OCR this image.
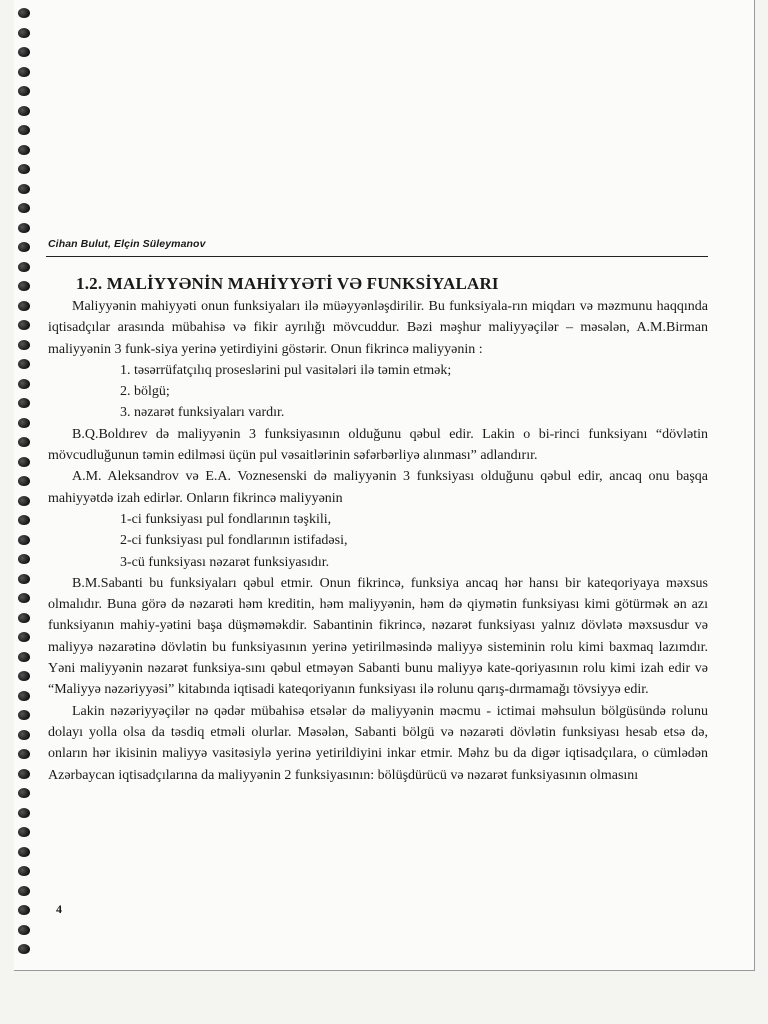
Cihan Bulut, Elçin Süleymanov
1.2. MALİYYƏNİN MAHİYYƏTİ VƏ FUNKSİYALARI

Maliyyənin mahiyyəti onun funksiyaları ilə müəyyənləşdirilir. Bu funksiyala-rın miqdarı və məzmunu haqqında iqtisadçılar arasında mübahisə və fikir ayrılığı mövcuddur. Bəzi məşhur maliyyəçilər – məsələn, A.M.Birman maliyyənin 3 funk-siya yerinə yetirdiyini göstərir. Onun fikrincə maliyyənin :

1. təsərrüfatçılıq proseslərini pul vasitələri ilə təmin etmək;

2. bölgü;

3. nəzarət funksiyaları vardır.

B.Q.Boldırev də maliyyənin 3 funksiyasının olduğunu qəbul edir. Lakin o bi-rinci funksiyanı “dövlətin mövcudluğunun təmin edilməsi üçün pul vəsaitlərinin səfərbərliyə alınması” adlandırır.

A.M. Aleksandrov və E.A. Voznesenski də maliyyənin 3 funksiyası olduğunu qəbul edir, ancaq onu başqa mahiyyətdə izah edirlər. Onların fikrincə maliyyənin

1-ci funksiyası pul fondlarının təşkili,

2-ci funksiyası pul fondlarının istifadəsi,

3-cü funksiyası nəzarət funksiyasıdır.

B.M.Sabanti bu funksiyaları qəbul etmir. Onun fikrincə, funksiya ancaq hər hansı bir kateqoriyaya məxsus olmalıdır. Buna görə də nəzarəti həm kreditin, həm maliyyənin, həm də qiymətin funksiyası kimi götürmək ən azı funksiyanın mahiy-yətini başa düşməməkdir. Sabantinin fikrincə, nəzarət funksiyası yalnız dövlətə məxsusdur və maliyyə nəzarətinə dövlətin bu funksiyasının yerinə yetirilməsində maliyyə sisteminin rolu kimi baxmaq lazımdır. Yəni maliyyənin nəzarət funksiya-sını qəbul etməyən Sabanti bunu maliyyə kate-qoriyasının rolu kimi izah edir və “Maliyyə nəzəriyyəsi” kitabında iqtisadi kateqoriyanın funksiyası ilə rolunu qarış-dırmamağı tövsiyyə edir.

Lakin nəzəriyyəçilər nə qədər mübahisə etsələr də maliyyənin məcmu - ictimai məhsulun bölgüsündə rolunu dolayı yolla olsa da təsdiq etməli olurlar. Məsələn, Sabanti bölgü və nəzarəti dövlətin funksiyası hesab etsə də, onların hər ikisinin maliyyə vasitəsiylə yerinə yetirildiyini inkar etmir. Məhz bu da digər iqtisadçılara, o cümlədən Azərbaycan iqtisadçılarına da maliyyənin 2 funksiyasının: bölüşdürücü və nəzarət funksiyasının olmasını

4
